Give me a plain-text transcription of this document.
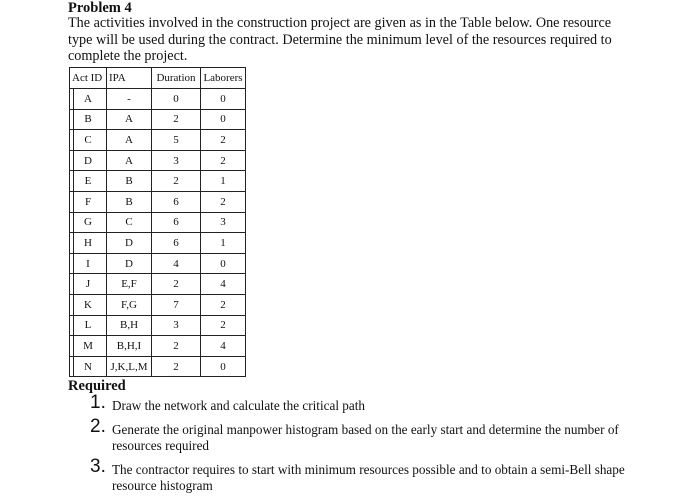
Problem 4
The activities involved in the construction project are given as in the Table below. One resource
type will be used during the contract. Determine the minimum level of the resources required to
complete the project.
Act ID	IPA	Duration	Laborers
A	-	0	0
B	A	2	0
C	A	5	2
D	A	3	2
E	B	2	1
F	B	6	2
G	C	6	3
H	D	6	1
I	D	4	0
J	E,F	2	4
K	F,G	7	2
L	B,H	3	2
M	B,H,I	2	4
N	J,K,L,M	2	0
Required
1. Draw the network and calculate the critical path
2. Generate the original manpower histogram based on the early start and determine the number of resources required
3. The contractor requires to start with minimum resources possible and to obtain a semi-Bell shape resource histogram
